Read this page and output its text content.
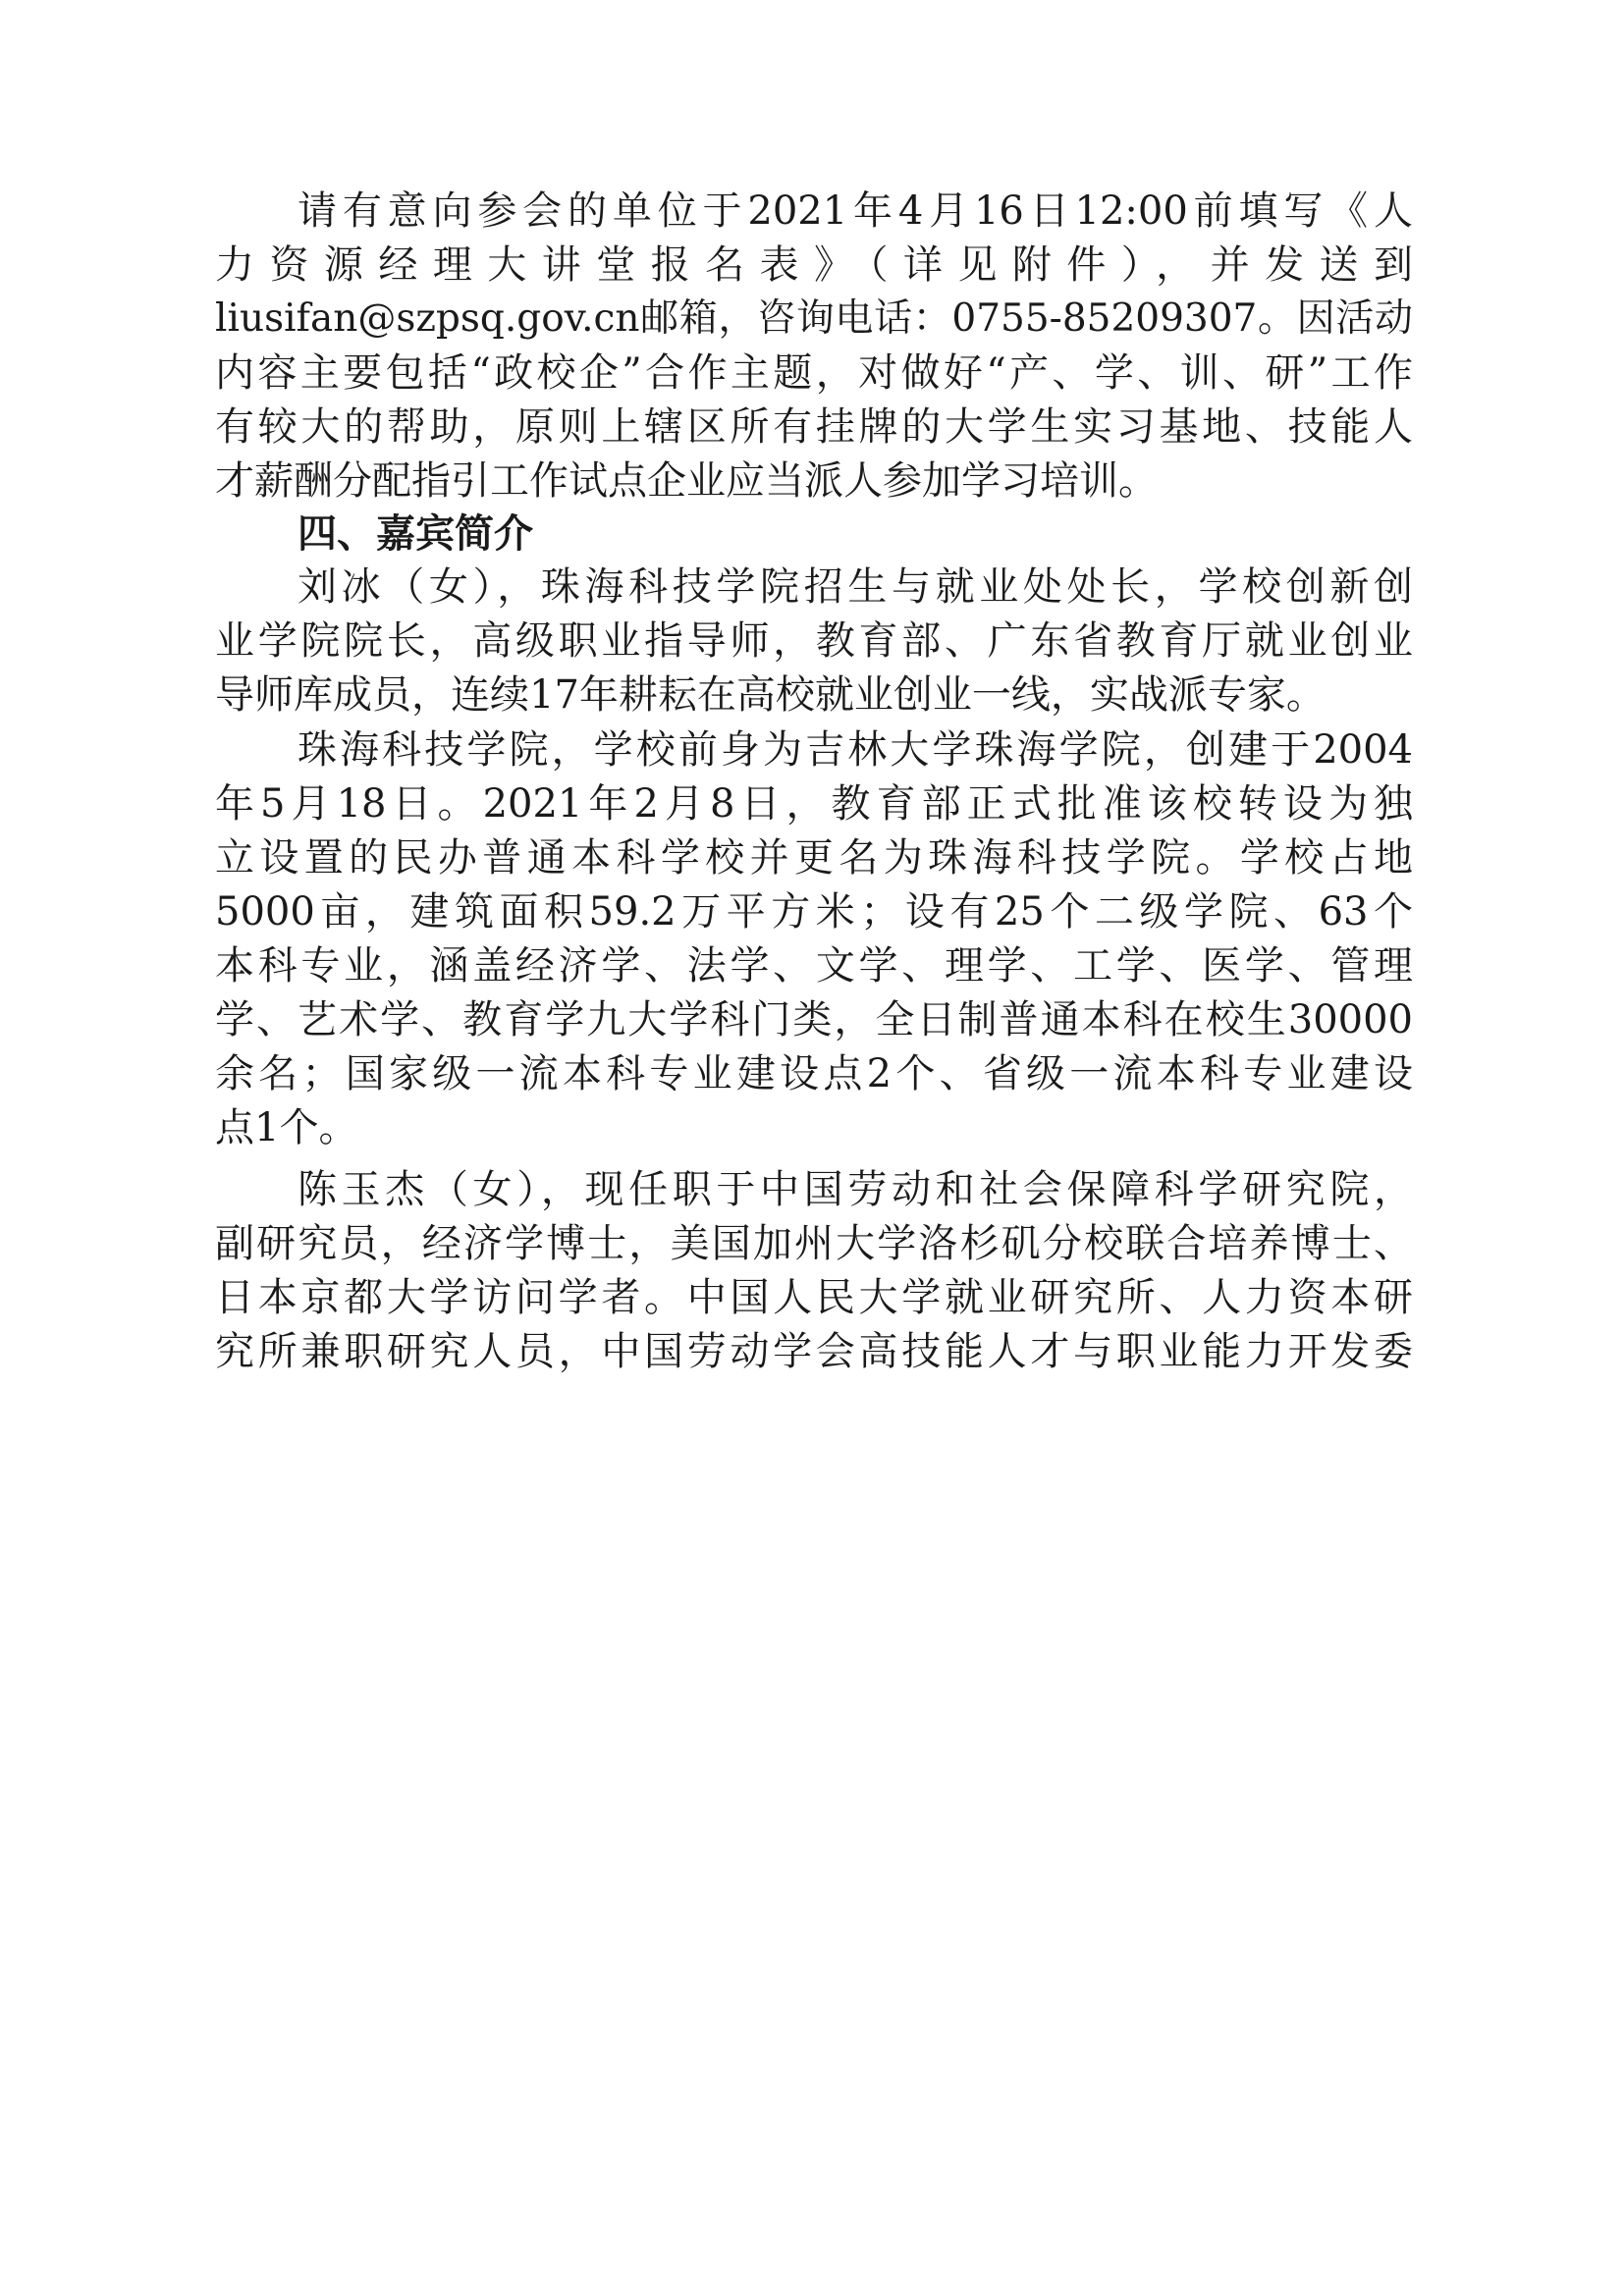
请有意向参会的单位于2021年4月16日12:00前填写《人
力资源经理大讲堂报名表》（详见附件），并发送到
liusifan@szpsq.gov.cn邮箱，咨询电话：0755-85209307。因活动
内容主要包括“政校企”合作主题，对做好“产、学、训、研”工作
有较大的帮助，原则上辖区所有挂牌的大学生实习基地、技能人
才薪酬分配指引工作试点企业应当派人参加学习培训。
四、嘉宾简介
刘冰（女），珠海科技学院招生与就业处处长，学校创新创
业学院院长，高级职业指导师，教育部、广东省教育厅就业创业
导师库成员，连续17年耕耘在高校就业创业一线，实战派专家。
珠海科技学院，学校前身为吉林大学珠海学院，创建于2004
年5月18日。2021年2月8日，教育部正式批准该校转设为独
立设置的民办普通本科学校并更名为珠海科技学院。学校占地
5000亩，建筑面积59.2万平方米；设有25个二级学院、63个
本科专业，涵盖经济学、法学、文学、理学、工学、医学、管理
学、艺术学、教育学九大学科门类，全日制普通本科在校生30000
余名；国家级一流本科专业建设点2个、省级一流本科专业建设
点1个。
陈玉杰（女），现任职于中国劳动和社会保障科学研究院，
副研究员，经济学博士，美国加州大学洛杉矶分校联合培养博士、
日本京都大学访问学者。中国人民大学就业研究所、人力资本研
究所兼职研究人员，中国劳动学会高技能人才与职业能力开发委
